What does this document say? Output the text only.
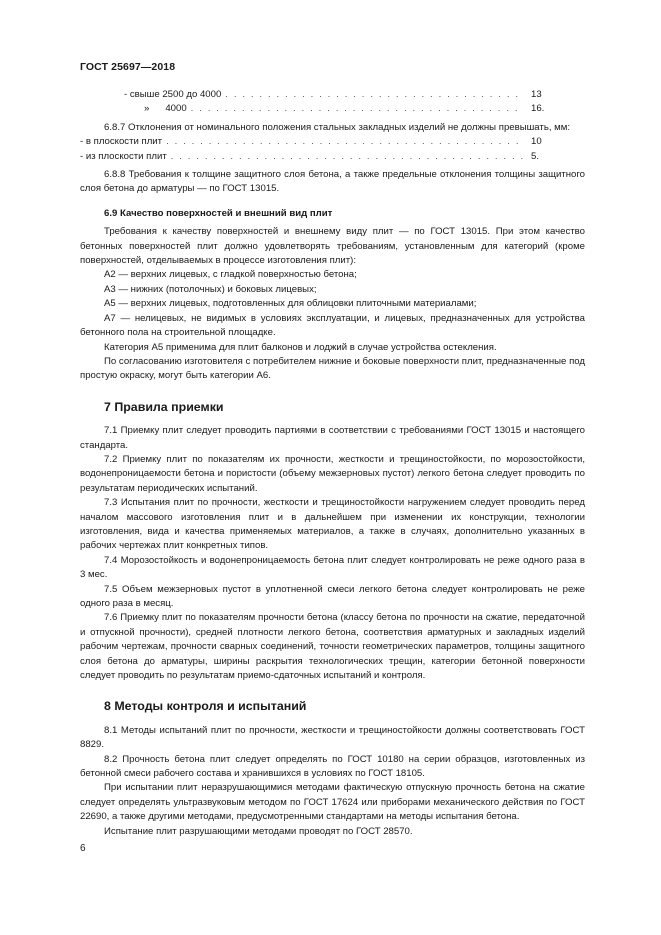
ГОСТ 25697—2018
- свыше 2500 до 4000 . . .	13
»      4000 . . .	16.

6.8.7 Отклонения от номинального положения стальных закладных изделий не должны превышать, мм:

- в плоскости плит . . .	10
- из плоскости плит . . .	5.

6.8.8 Требования к толщине защитного слоя бетона, а также предельные отклонения толщины защитного слоя бетона до арматуры — по ГОСТ 13015.

6.9 Качество поверхностей и внешний вид плит

Требования к качеству поверхностей и внешнему виду плит — по ГОСТ 13015. При этом качество бетонных поверхностей плит должно удовлетворять требованиям, установленным для категорий (кроме поверхностей, отделываемых в процессе изготовления плит):

А2 — верхних лицевых, с гладкой поверхностью бетона;

А3 — нижних (потолочных) и боковых лицевых;

А5 — верхних лицевых, подготовленных для облицовки плиточными материалами;

А7 — нелицевых, не видимых в условиях эксплуатации, и лицевых, предназначенных для устройства бетонного пола на строительной площадке.

Категория А5 применима для плит балконов и лоджий в случае устройства остекления.

По согласованию изготовителя с потребителем нижние и боковые поверхности плит, предназначенные под простую окраску, могут быть категории А6.

7 Правила приемки

7.1 Приемку плит следует проводить партиями в соответствии с требованиями ГОСТ 13015 и настоящего стандарта.

7.2 Приемку плит по показателям их прочности, жесткости и трещиностойкости, по морозостойкости, водонепроницаемости бетона и пористости (объему межзерновых пустот) легкого бетона следует проводить по результатам периодических испытаний.

7.3 Испытания плит по прочности, жесткости и трещиностойкости нагружением следует проводить перед началом массового изготовления плит и в дальнейшем при изменении их конструкции, технологии изготовления, вида и качества применяемых материалов, а также в случаях, дополнительно указанных в рабочих чертежах плит конкретных типов.

7.4 Морозостойкость и водонепроницаемость бетона плит следует контролировать не реже одного раза в 3 мес.

7.5 Объем межзерновых пустот в уплотненной смеси легкого бетона следует контролировать не реже одного раза в месяц.

7.6 Приемку плит по показателям прочности бетона (классу бетона по прочности на сжатие, передаточной и отпускной прочности), средней плотности легкого бетона, соответствия арматурных и закладных изделий рабочим чертежам, прочности сварных соединений, точности геометрических параметров, толщины защитного слоя бетона до арматуры, ширины раскрытия технологических трещин, категории бетонной поверхности следует проводить по результатам приемо-сдаточных испытаний и контроля.

8 Методы контроля и испытаний

8.1 Методы испытаний плит по прочности, жесткости и трещиностойкости должны соответствовать ГОСТ 8829.

8.2 Прочность бетона плит следует определять по ГОСТ 10180 на серии образцов, изготовленных из бетонной смеси рабочего состава и хранившихся в условиях по ГОСТ 18105.

При испытании плит неразрушающимися методами фактическую отпускную прочность бетона на сжатие следует определять ультразвуковым методом по ГОСТ 17624 или приборами механического действия по ГОСТ 22690, а также другими методами, предусмотренными стандартами на методы испытания бетона.

Испытание плит разрушающими методами проводят по ГОСТ 28570.

6
